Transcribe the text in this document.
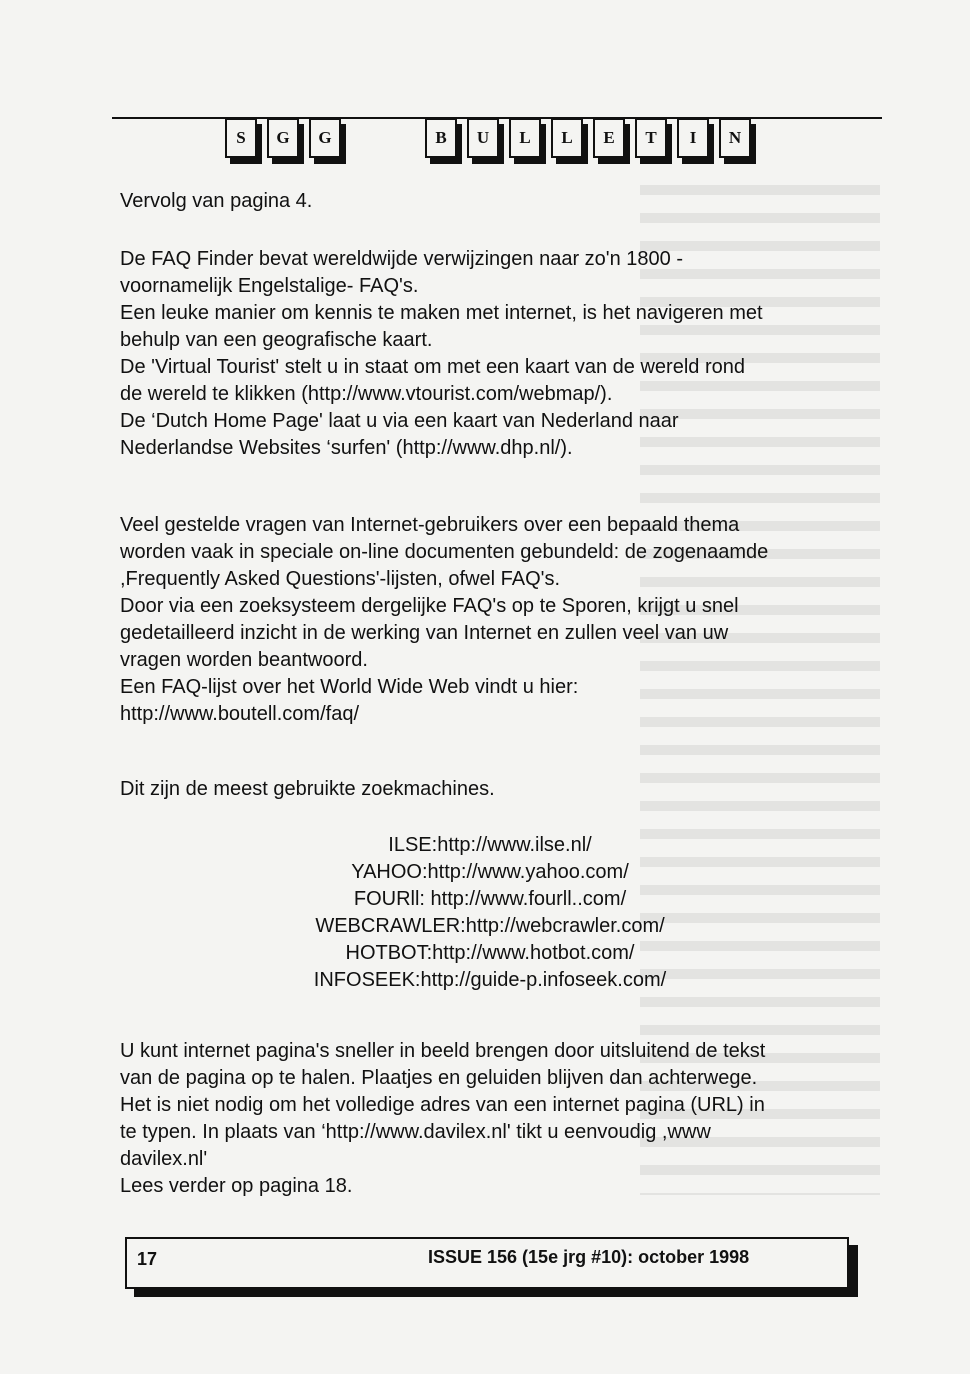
S	G	G	B	U	L	L	E	T	I	N
Vervolg van pagina 4.

De FAQ Finder bevat wereldwijde verwijzingen naar zo'n 1800 -

voornamelijk Engelstalige- FAQ's.

Een leuke manier om kennis te maken met internet, is het navigeren met

behulp van een geografische kaart.

De 'Virtual Tourist' stelt u in staat om met een kaart van de wereld rond

de wereld te klikken (http://www.vtourist.com/webmap/).

De ‘Dutch Home Page' laat u via een kaart van Nederland naar

Nederlandse Websites ‘surfen' (http://www.dhp.nl/).

Veel gestelde vragen van Internet-gebruikers over een bepaald thema

worden vaak in speciale on-line documenten gebundeld: de zogenaamde

,Frequently Asked Questions'-lijsten, ofwel FAQ's.

Door via een zoeksysteem dergelijke FAQ's op te Sporen, krijgt u snel

gedetailleerd inzicht in de werking van Internet en zullen veel van uw

vragen worden beantwoord.

Een FAQ-lijst over het World Wide Web vindt u hier:

http://www.boutell.com/faq/

Dit zijn de meest gebruikte zoekmachines.

ILSE:http://www.ilse.nl/

YAHOO:http://www.yahoo.com/

FOURll: http://www.fourll..com/

WEBCRAWLER:http://webcrawler.com/

HOTBOT:http://www.hotbot.com/

INFOSEEK:http://guide-p.infoseek.com/

U kunt internet pagina's sneller in beeld brengen door uitsluitend de tekst

van de pagina op te halen. Plaatjes en geluiden blijven dan achterwege.

Het is niet nodig om het volledige adres van een internet pagina (URL) in

te typen. In plaats van ‘http://www.davilex.nl' tikt u eenvoudig ,www

davilex.nl'

Lees verder op pagina 18.

17	ISSUE 156 (15e jrg #10): october 1998
